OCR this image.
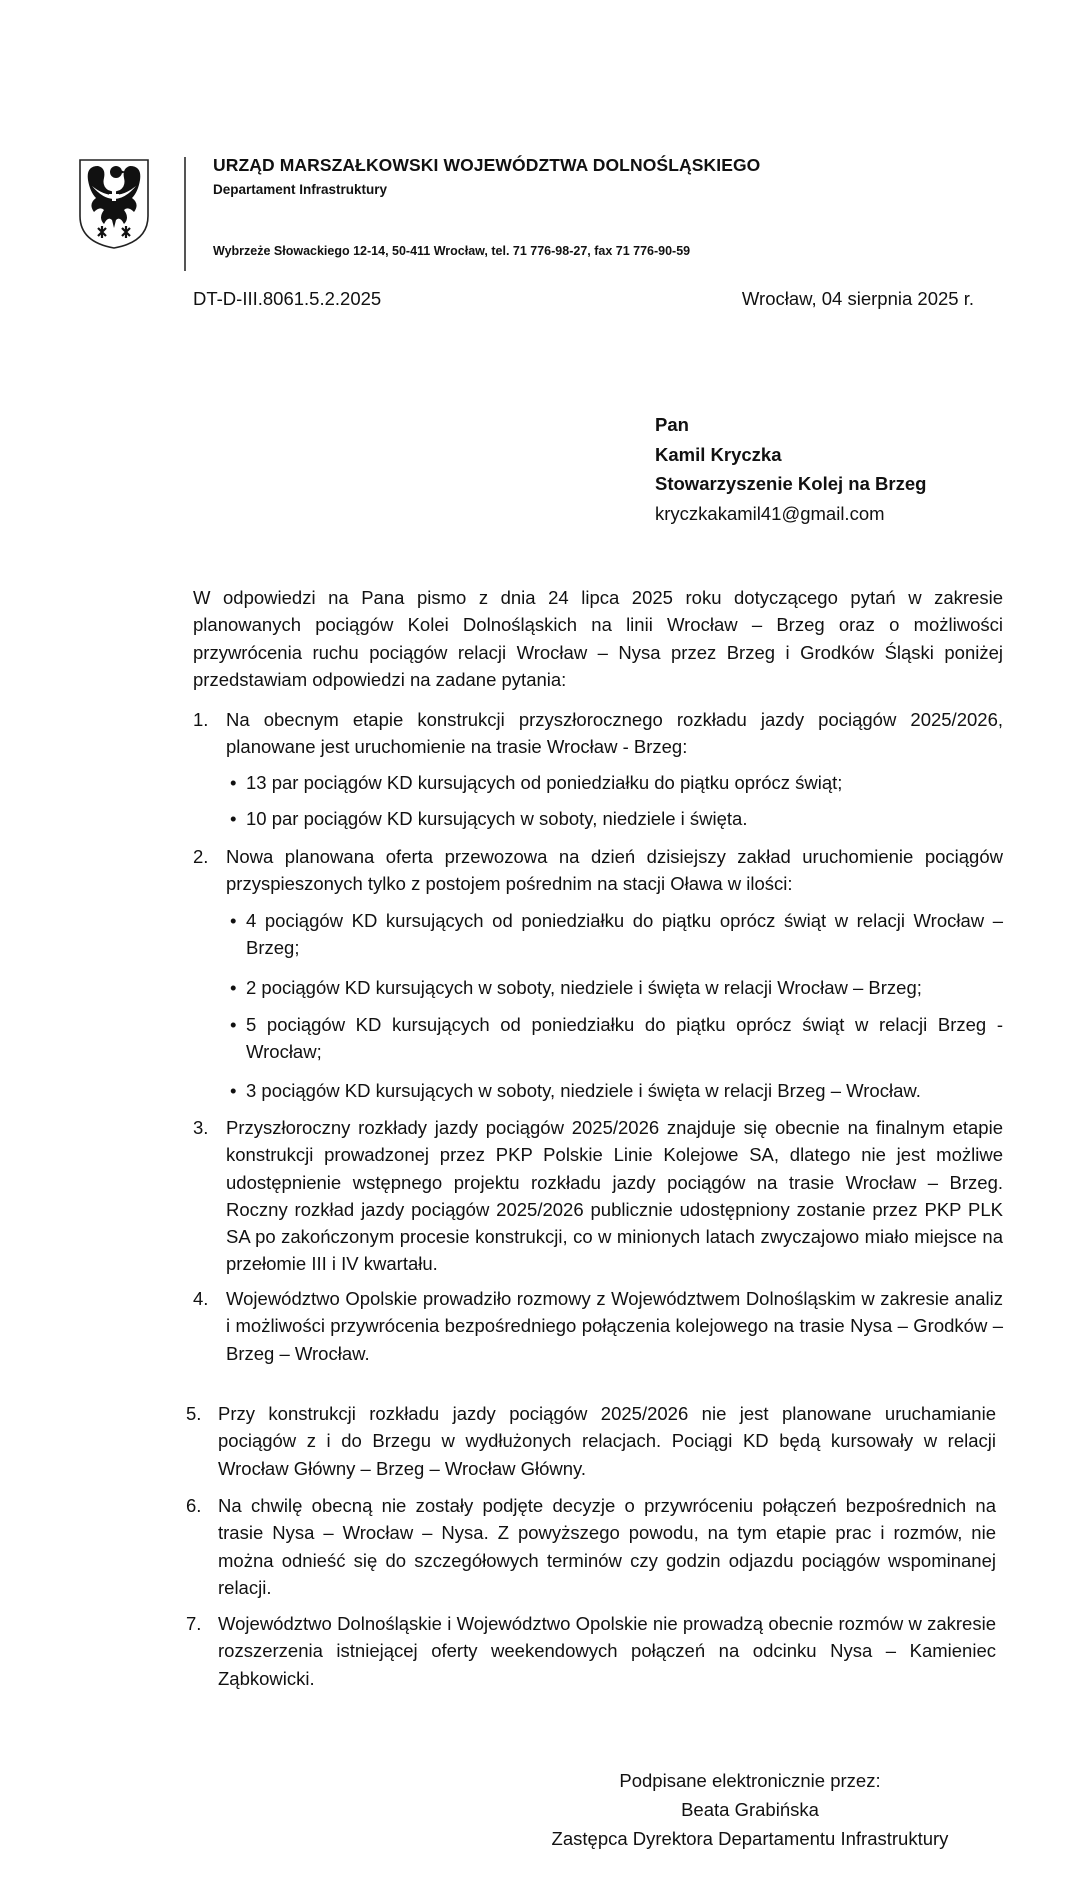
URZĄD MARSZAŁKOWSKI WOJEWÓDZTWA DOLNOŚLĄSKIEGO
Departament Infrastruktury
Wybrzeże Słowackiego 12-14, 50-411 Wrocław, tel. 71 776-98-27, fax 71 776-90-59
DT-D-III.8061.5.2.2025	Wrocław, 04 sierpnia 2025 r.
Pan
Kamil Kryczka
Stowarzyszenie Kolej na Brzeg
kryczkakamil41@gmail.com
W odpowiedzi na Pana pismo z dnia 24 lipca 2025 roku dotyczącego pytań w zakresie planowanych pociągów Kolei Dolnośląskich na linii Wrocław – Brzeg oraz o możliwości przywrócenia ruchu pociągów relacji Wrocław – Nysa przez Brzeg i Grodków Śląski poniżej przedstawiam odpowiedzi na zadane pytania:
1. Na obecnym etapie konstrukcji przyszłorocznego rozkładu jazdy pociągów 2025/2026, planowane jest uruchomienie na trasie Wrocław - Brzeg:
• 13 par pociągów KD kursujących od poniedziałku do piątku oprócz świąt;
• 10 par pociągów KD kursujących w soboty, niedziele i święta.
2. Nowa planowana oferta przewozowa na dzień dzisiejszy zakład uruchomienie pociągów przyspieszonych tylko z postojem pośrednim na stacji Oława w ilości:
• 4 pociągów KD kursujących od poniedziałku do piątku oprócz świąt w relacji Wrocław – Brzeg;
• 2 pociągów KD kursujących w soboty, niedziele i święta w relacji Wrocław – Brzeg;
• 5 pociągów KD kursujących od poniedziałku do piątku oprócz świąt w relacji Brzeg - Wrocław;
• 3 pociągów KD kursujących w soboty, niedziele i święta w relacji Brzeg – Wrocław.
3. Przyszłoroczny rozkłady jazdy pociągów 2025/2026 znajduje się obecnie na finalnym etapie konstrukcji prowadzonej przez PKP Polskie Linie Kolejowe SA, dlatego nie jest możliwe udostępnienie wstępnego projektu rozkładu jazdy pociągów na trasie Wrocław – Brzeg. Roczny rozkład jazdy pociągów 2025/2026 publicznie udostępniony zostanie przez PKP PLK SA po zakończonym procesie konstrukcji, co w minionych latach zwyczajowo miało miejsce na przełomie III i IV kwartału.
4. Województwo Opolskie prowadziło rozmowy z Województwem Dolnośląskim w zakresie analiz i możliwości przywrócenia bezpośredniego połączenia kolejowego na trasie Nysa – Grodków – Brzeg – Wrocław.
5. Przy konstrukcji rozkładu jazdy pociągów 2025/2026 nie jest planowane uruchamianie pociągów z i do Brzegu w wydłużonych relacjach. Pociągi KD będą kursowały w relacji Wrocław Główny – Brzeg – Wrocław Główny.
6. Na chwilę obecną nie zostały podjęte decyzje o przywróceniu połączeń bezpośrednich na trasie Nysa – Wrocław – Nysa. Z powyższego powodu, na tym etapie prac i rozmów, nie można odnieść się do szczegółowych terminów czy godzin odjazdu pociągów wspominanej relacji.
7. Województwo Dolnośląskie i Województwo Opolskie nie prowadzą obecnie rozmów w zakresie rozszerzenia istniejącej oferty weekendowych połączeń na odcinku Nysa – Kamieniec Ząbkowicki.
Podpisane elektronicznie przez:
Beata Grabińska
Zastępca Dyrektora Departamentu Infrastruktury
